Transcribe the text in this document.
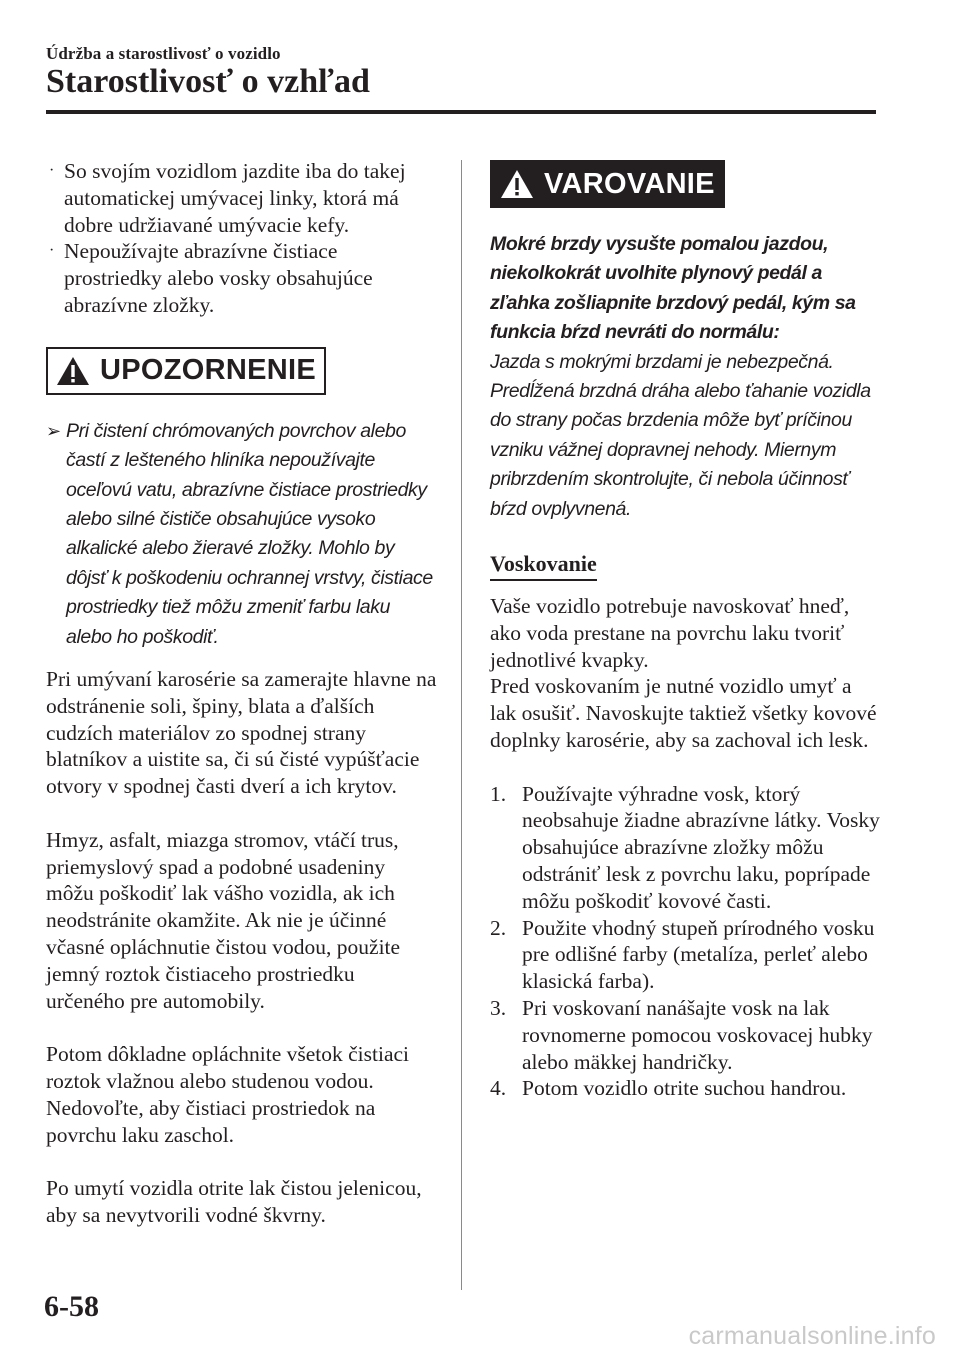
Údržba a starostlivosť o vozidlo
Starostlivosť o vzhľad
· So svojím vozidlom jazdite iba do takej automatickej umývacej linky, ktorá má dobre udržiavané umývacie kefy.
· Nepoužívajte abrazívne čistiace prostriedky alebo vosky obsahujúce abrazívne zložky.
UPOZORNENIE
➢ Pri čistení chrómovaných povrchov alebo častí z lešteného hliníka nepoužívajte oceľovú vatu, abrazívne čistiace prostriedky alebo silné čističe obsahujúce vysoko alkalické alebo žieravé zložky. Mohlo by dôjsť k poškodeniu ochrannej vrstvy, čistiace prostriedky tiež môžu zmeniť farbu laku alebo ho poškodiť.

Pri umývaní karosérie sa zamerajte hlavne na odstránenie soli, špiny, blata a ďalších cudzích materiálov zo spodnej strany blatníkov a uistite sa, či sú čisté vypúšťacie otvory v spodnej časti dverí a ich krytov.

Hmyz, asfalt, miazga stromov, vtáčí trus, priemyslový spad a podobné usadeniny môžu poškodiť lak vášho vozidla, ak ich neodstránite okamžite. Ak nie je účinné včasné opláchnutie čistou vodou, použite jemný roztok čistiaceho prostriedku určeného pre automobily.

Potom dôkladne opláchnite všetok čistiaci roztok vlažnou alebo studenou vodou. Nedovoľte, aby čistiaci prostriedok na povrchu laku zaschol.

Po umytí vozidla otrite lak čistou jelenicou, aby sa nevytvorili vodné škvrny.

VAROVANIE
Mokré brzdy vysušte pomalou jazdou, niekolkokrát uvolhite plynový pedál a zľahka zošliapnite brzdový pedál, kým sa funkcia bŕzd nevráti do normálu:
Jazda s mokrými brzdami je nebezpečná. Predĺžená brzdná dráha alebo ťahanie vozidla do strany počas brzdenia môže byť príčinou vzniku vážnej dopravnej nehody. Miernym pribrzdením skontrolujte, či nebola účinnosť bŕzd ovplyvnená.
Voskovanie

Vaše vozidlo potrebuje navoskovať hneď, ako voda prestane na povrchu laku tvoriť jednotlivé kvapky.

Pred voskovaním je nutné vozidlo umyť a lak osušiť. Navoskujte taktiež všetky kovové doplnky karosérie, aby sa zachoval ich lesk.

1. Používajte výhradne vosk, ktorý neobsahuje žiadne abrazívne látky. Vosky obsahujúce abrazívne zložky môžu odstrániť lesk z povrchu laku, poprípade môžu poškodiť kovové časti.
2. Použite vhodný stupeň prírodného vosku pre odlišné farby (metalíza, perleť alebo klasická farba).
3. Pri voskovaní nanášajte vosk na lak rovnomerne pomocou voskovacej hubky alebo mäkkej handričky.
4. Potom vozidlo otrite suchou handrou.
6-58
carmanualsonline.info
